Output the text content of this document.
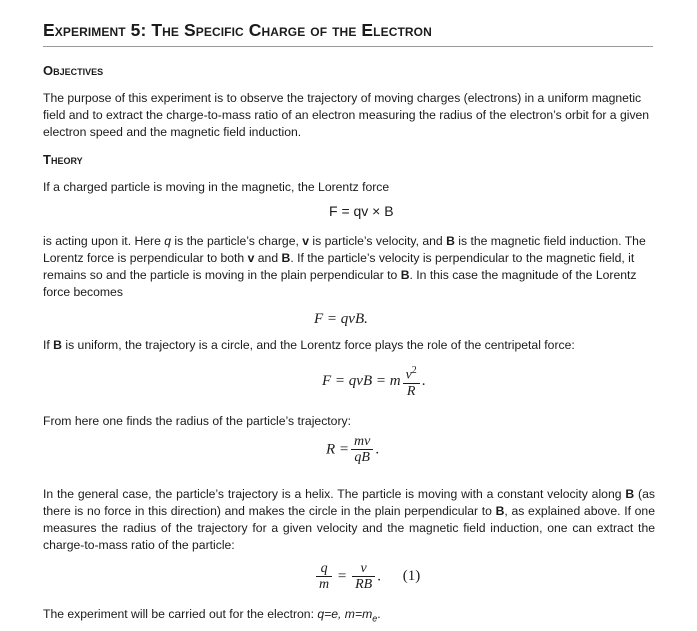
Experiment 5: The Specific Charge of the Electron
Objectives
The purpose of this experiment is to observe the trajectory of moving charges (electrons) in a uniform magnetic field and to extract the charge-to-mass ratio of an electron measuring the radius of the electron’s orbit for a given electron speed and the magnetic field induction.
Theory
If a charged particle is moving in the magnetic, the Lorentz force
F = qv × B
is acting upon it. Here q is the particle’s charge, v is particle’s velocity, and B is the magnetic field induction. The Lorentz force is perpendicular to both v and B. If the particle’s velocity is perpendicular to the magnetic field, it remains so and the particle is moving in the plain perpendicular to B. In this case the magnitude of the Lorentz force becomes
F = qvB.
If B is uniform, the trajectory is a circle, and the Lorentz force plays the role of the centripetal force:
F = qvB = m $\frac{v^2}{R}$ .
From here one finds the radius of the particle’s trajectory:
$R = \frac{mv}{qB}$ .
In the general case, the particle’s trajectory is a helix. The particle is moving with a constant velocity along B (as there is no force in this direction) and makes the circle in the plain perpendicular to B, as explained above. If one measures the radius of the trajectory for a given velocity and the magnetic field induction, one can extract the charge-to-mass ratio of the particle:
$\frac{q}{m} = \frac{v}{RB}$ . (1)
The experiment will be carried out for the electron: q=e, $m=m_e$.
